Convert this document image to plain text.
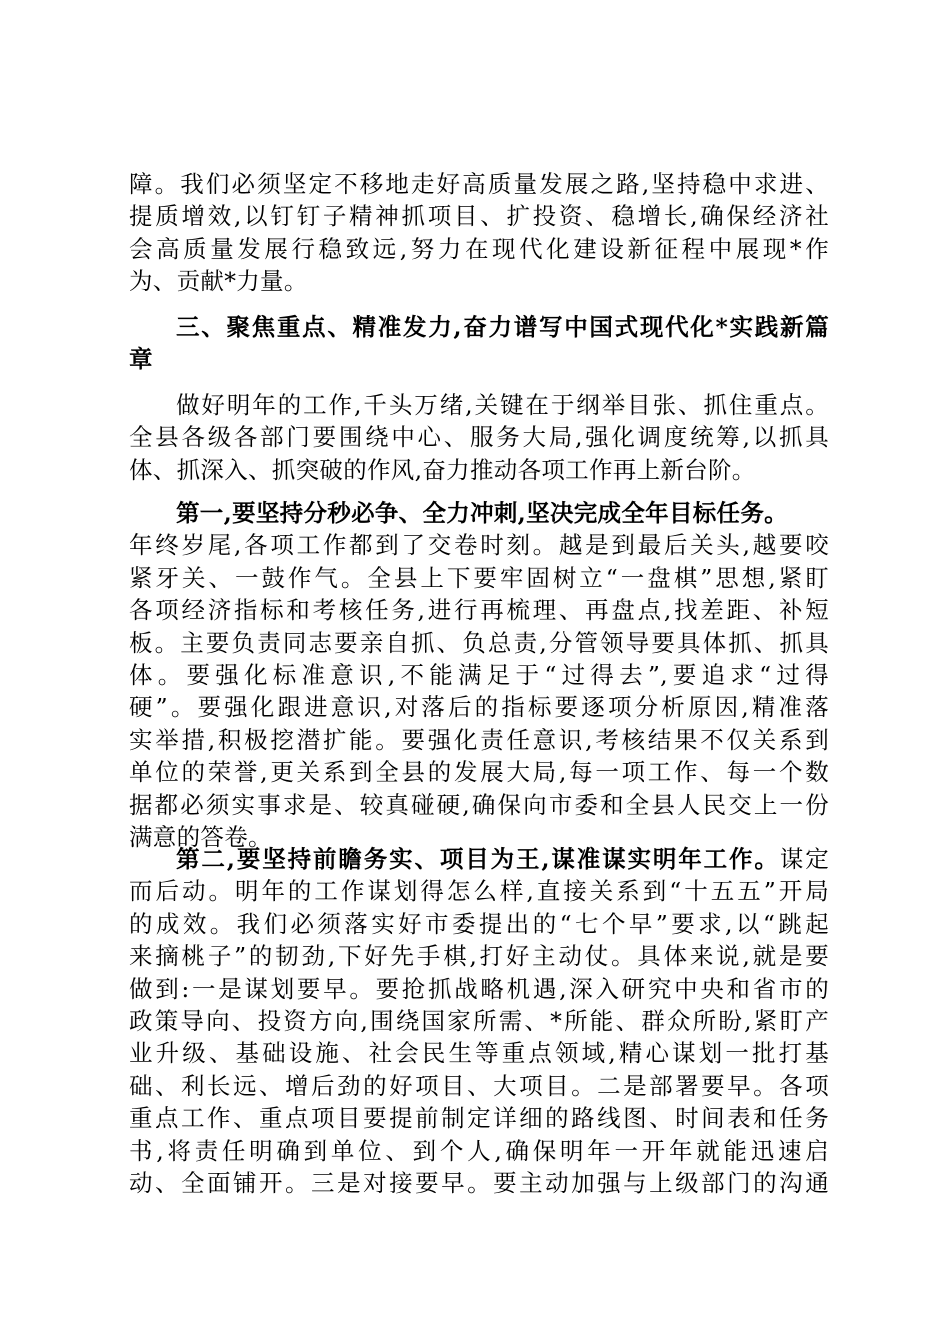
障。我们必须坚定不移地走好高质量发展之路,坚持稳中求进、
提质增效,以钉钉子精神抓项目、扩投资、稳增长,确保经济社
会高质量发展行稳致远,努力在现代化建设新征程中展现*作
为、贡献*力量。
三、聚焦重点、精准发力,奋力谱写中国式现代化*实践新篇
章
做好明年的工作,千头万绪,关键在于纲举目张、抓住重点。
全县各级各部门要围绕中心、服务大局,强化调度统筹,以抓具
体、抓深入、抓突破的作风,奋力推动各项工作再上新台阶。
第一,要坚持分秒必争、全力冲刺,坚决完成全年目标任务。
年终岁尾,各项工作都到了交卷时刻。越是到最后关头,越要咬
紧牙关、一鼓作气。全县上下要牢固树立“一盘棋”思想,紧盯
各项经济指标和考核任务,进行再梳理、再盘点,找差距、补短
板。主要负责同志要亲自抓、负总责,分管领导要具体抓、抓具
体。要强化标准意识,不能满足于“过得去”,要追求“过得
硬”。要强化跟进意识,对落后的指标要逐项分析原因,精准落
实举措,积极挖潜扩能。要强化责任意识,考核结果不仅关系到
单位的荣誉,更关系到全县的发展大局,每一项工作、每一个数
据都必须实事求是、较真碰硬,确保向市委和全县人民交上一份
满意的答卷。
第二,要坚持前瞻务实、项目为王,谋准谋实明年工作。谋定
而后动。明年的工作谋划得怎么样,直接关系到“十五五”开局
的成效。我们必须落实好市委提出的“七个早”要求,以“跳起
来摘桃子”的韧劲,下好先手棋,打好主动仗。具体来说,就是要
做到:一是谋划要早。要抢抓战略机遇,深入研究中央和省市的
政策导向、投资方向,围绕国家所需、*所能、群众所盼,紧盯产
业升级、基础设施、社会民生等重点领域,精心谋划一批打基
础、利长远、增后劲的好项目、大项目。二是部署要早。各项
重点工作、重点项目要提前制定详细的路线图、时间表和任务
书,将责任明确到单位、到个人,确保明年一开年就能迅速启
动、全面铺开。三是对接要早。要主动加强与上级部门的沟通
